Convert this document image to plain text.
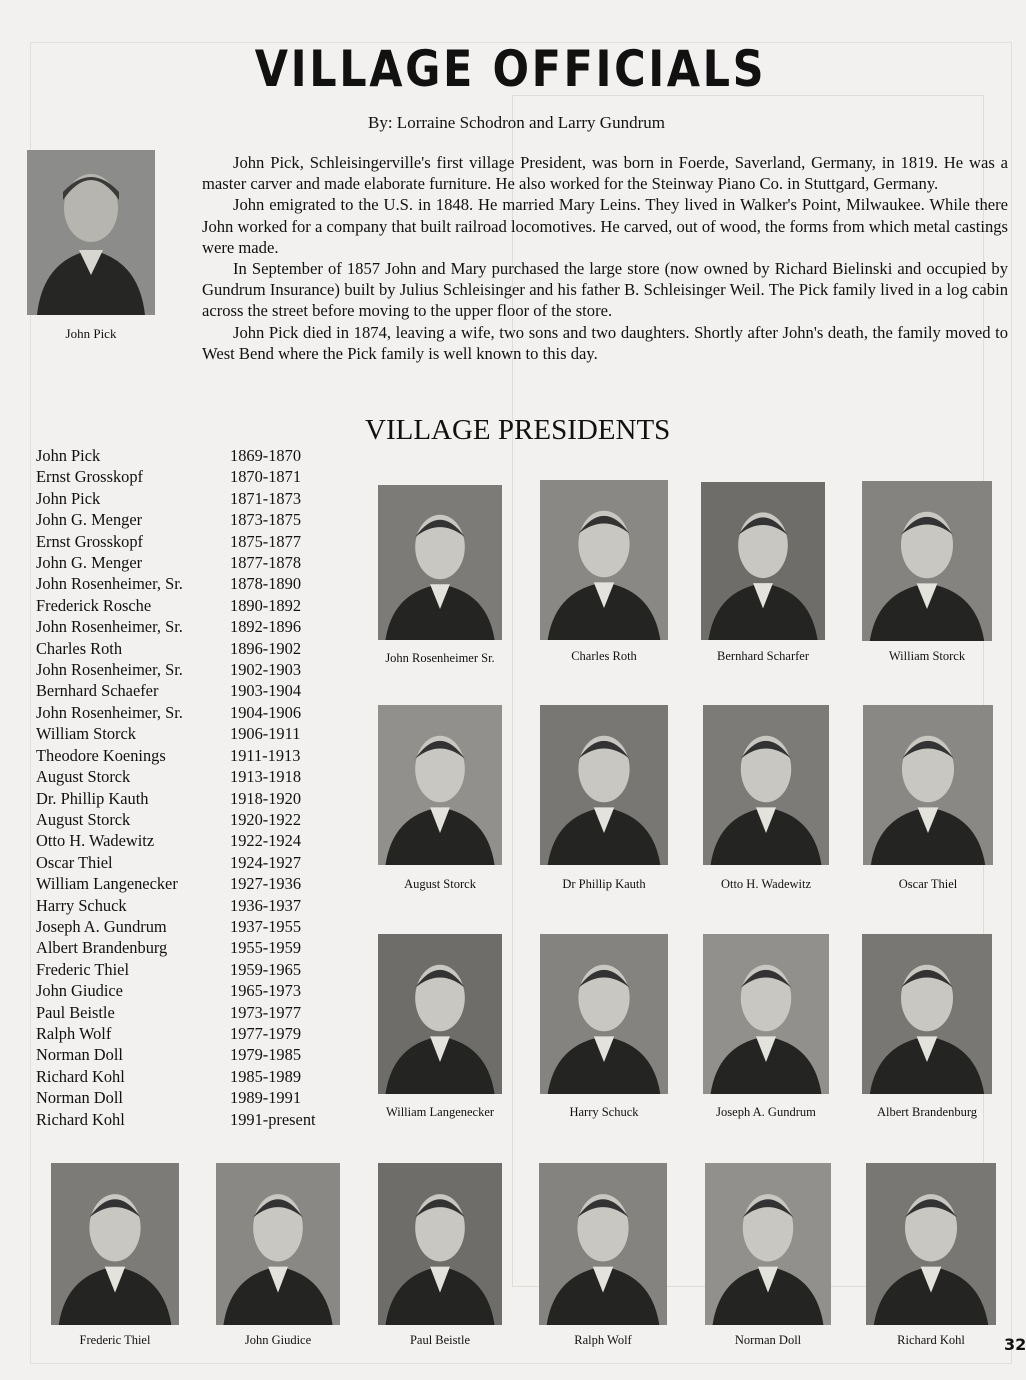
VILLAGE OFFICIALS
By: Lorraine Schodron and Larry Gundrum
John Pick

John Pick, Schleisingerville's first village President, was born in Foerde, Saverland, Germany, in 1819. He was a master carver and made elaborate furniture. He also worked for the Steinway Piano Co. in Stuttgard, Germany.

John emigrated to the U.S. in 1848. He married Mary Leins. They lived in Walker's Point, Milwaukee. While there John worked for a company that built railroad locomotives. He carved, out of wood, the forms from which metal castings were made.

In September of 1857 John and Mary purchased the large store (now owned by Richard Bielinski and occupied by Gundrum Insurance) built by Julius Schleisinger and his father B. Schleisinger Weil. The Pick family lived in a log cabin across the street before moving to the upper floor of the store.

John Pick died in 1874, leaving a wife, two sons and two daughters. Shortly after John's death, the family moved to West Bend where the Pick family is well known to this day.

VILLAGE PRESIDENTS
John Pick	1869-1870
Ernst Grosskopf	1870-1871
John Pick	1871-1873
John G. Menger	1873-1875
Ernst Grosskopf	1875-1877
John G. Menger	1877-1878
John Rosenheimer, Sr.	1878-1890
Frederick Rosche	1890-1892
John Rosenheimer, Sr.	1892-1896
Charles Roth	1896-1902
John Rosenheimer, Sr.	1902-1903
Bernhard Schaefer	1903-1904
John Rosenheimer, Sr.	1904-1906
William Storck	1906-1911
Theodore Koenings	1911-1913
August Storck	1913-1918
Dr. Phillip Kauth	1918-1920
August Storck	1920-1922
Otto H. Wadewitz	1922-1924
Oscar Thiel	1924-1927
William Langenecker	1927-1936
Harry Schuck	1936-1937
Joseph A. Gundrum	1937-1955
Albert Brandenburg	1955-1959
Frederic Thiel	1959-1965
John Giudice	1965-1973
Paul Beistle	1973-1977
Ralph Wolf	1977-1979
Norman Doll	1979-1985
Richard Kohl	1985-1989
Norman Doll	1989-1991
Richard Kohl	1991-present
John Rosenheimer Sr.	Charles Roth	Bernhard Scharfer	William Storck
August Storck	Dr Phillip Kauth	Otto H. Wadewitz	Oscar Thiel
William Langenecker	Harry Schuck	Joseph A. Gundrum	Albert Brandenburg
Frederic Thiel	John Giudice	Paul Beistle	Ralph Wolf	Norman Doll	Richard Kohl	32
